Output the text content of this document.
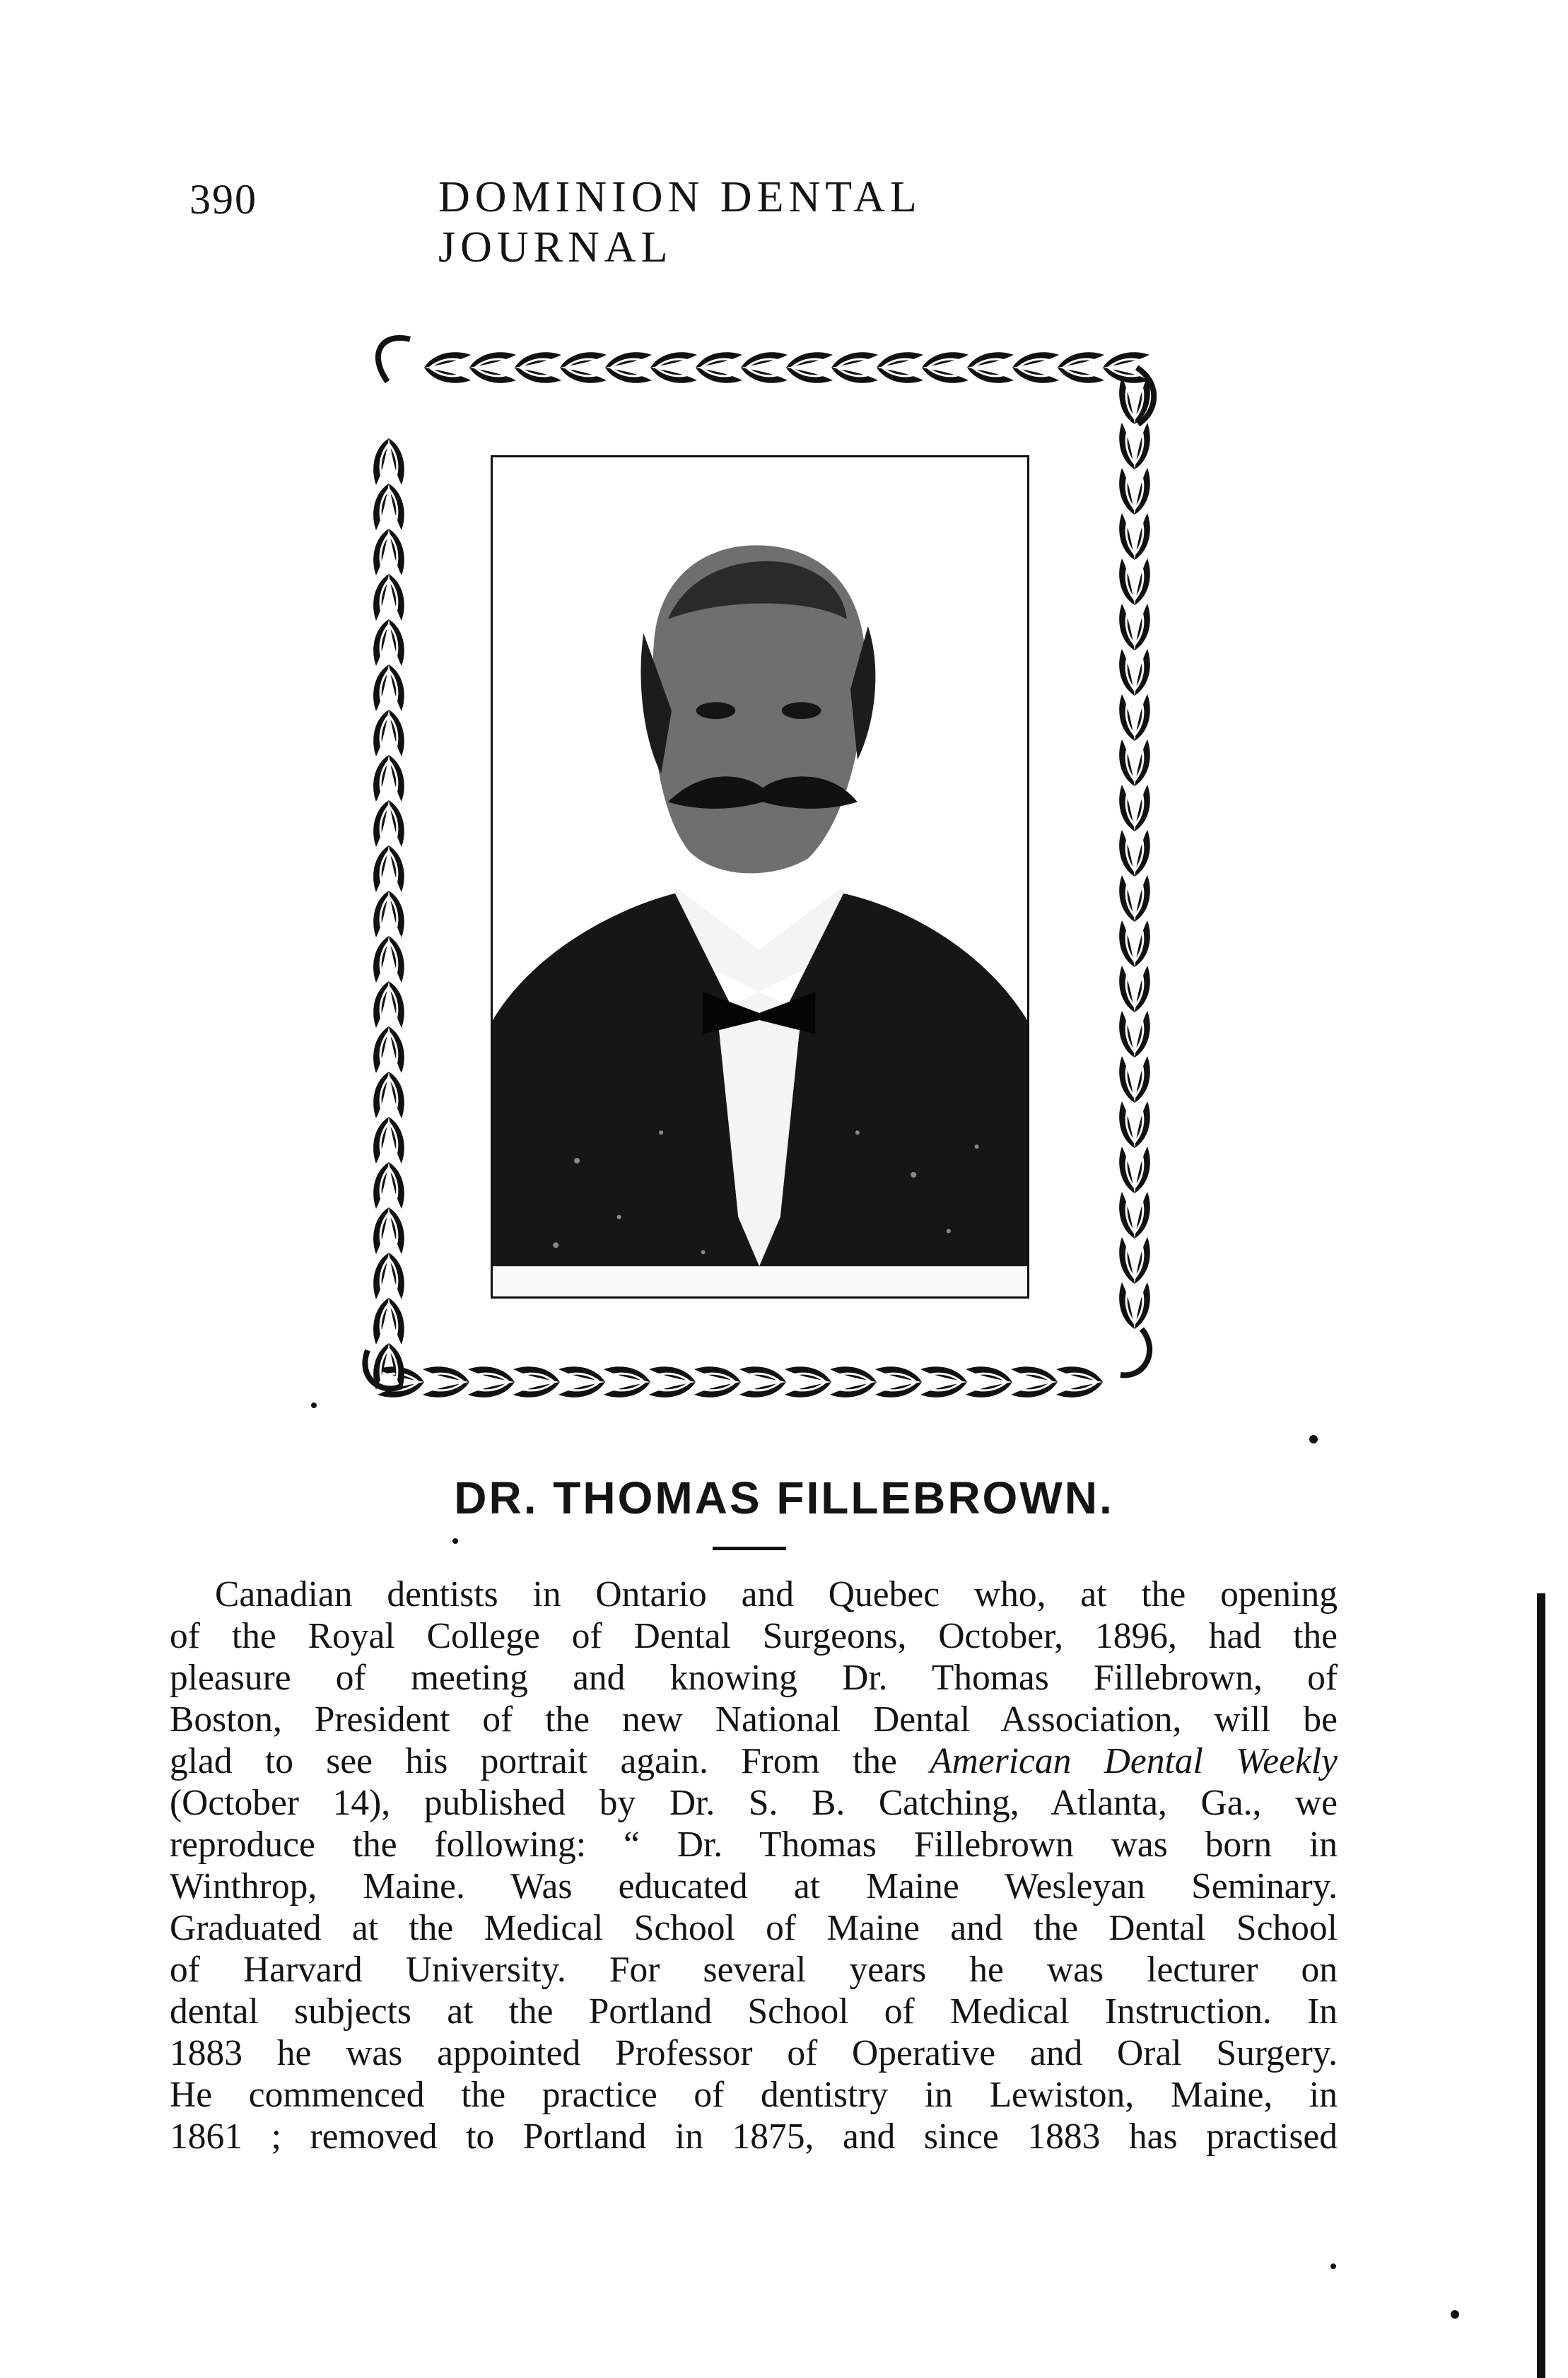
390	DOMINION DENTAL JOURNAL
DR. THOMAS FILLEBROWN.
Canadian dentists in Ontario and Quebec who, at the opening
of the Royal College of Dental Surgeons, October, 1896, had the
pleasure of meeting and knowing Dr. Thomas Fillebrown, of
Boston, President of the new National Dental Association, will be
glad to see his portrait again. From the American Dental Weekly
(October 14), published by Dr. S. B. Catching, Atlanta, Ga., we
reproduce the following: “ Dr. Thomas Fillebrown was born in
Winthrop, Maine. Was educated at Maine Wesleyan Seminary.
Graduated at the Medical School of Maine and the Dental School
of Harvard University. For several years he was lecturer on
dental subjects at the Portland School of Medical Instruction. In
1883 he was appointed Professor of Operative and Oral Surgery.
He commenced the practice of dentistry in Lewiston, Maine, in
1861 ; removed to Portland in 1875, and since 1883 has practised
